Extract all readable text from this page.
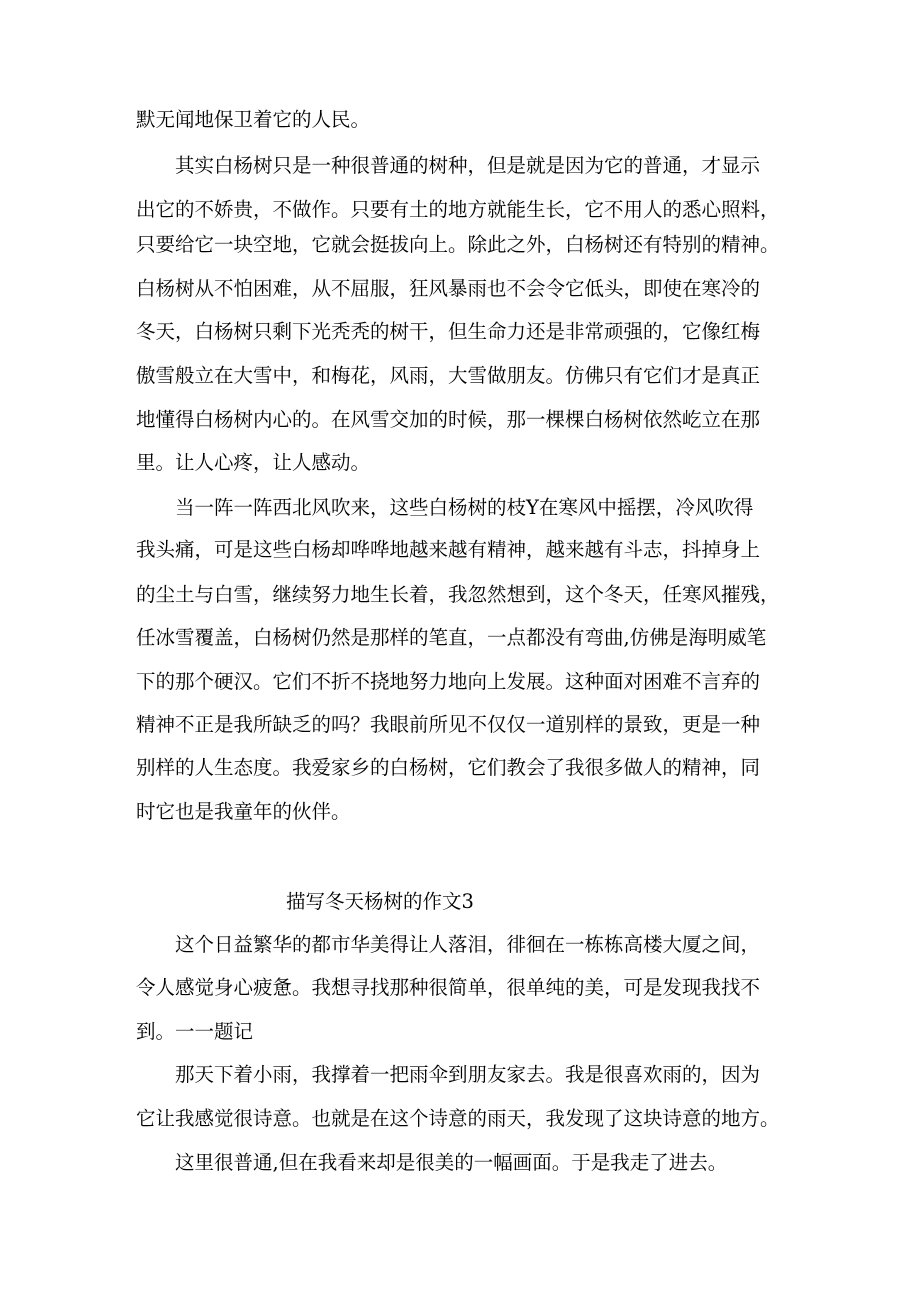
默无闻地保卫着它的人民。
其实白杨树只是一种很普通的树种，但是就是因为它的普通，才显示
出它的不娇贵，不做作。只要有土的地方就能生长，它不用人的悉心照料，
只要给它一块空地，它就会挺拔向上。除此之外，白杨树还有特别的精神。
白杨树从不怕困难，从不屈服，狂风暴雨也不会令它低头，即使在寒冷的
冬天，白杨树只剩下光秃秃的树干，但生命力还是非常顽强的，它像红梅
傲雪般立在大雪中，和梅花，风雨，大雪做朋友。仿佛只有它们才是真正
地懂得白杨树内心的。在风雪交加的时候，那一棵棵白杨树依然屹立在那
里。让人心疼，让人感动。
当一阵一阵西北风吹来，这些白杨树的枝Y在寒风中摇摆，冷风吹得
我头痛，可是这些白杨却哗哗地越来越有精神，越来越有斗志，抖掉身上
的尘土与白雪，继续努力地生长着，我忽然想到，这个冬天，任寒风摧残，
任冰雪覆盖，白杨树仍然是那样的笔直，一点都没有弯曲,仿佛是海明威笔
下的那个硬汉。它们不折不挠地努力地向上发展。这种面对困难不言弃的
精神不正是我所缺乏的吗？我眼前所见不仅仅一道别样的景致，更是一种
别样的人生态度。我爱家乡的白杨树，它们教会了我很多做人的精神，同
时它也是我童年的伙伴。
描写冬天杨树的作文3
这个日益繁华的都市华美得让人落泪，徘徊在一栋栋高楼大厦之间，
令人感觉身心疲惫。我想寻找那种很简单，很单纯的美，可是发现我找不
到。一一题记
那天下着小雨，我撑着一把雨伞到朋友家去。我是很喜欢雨的，因为
它让我感觉很诗意。也就是在这个诗意的雨天，我发现了这块诗意的地方。
这里很普通,但在我看来却是很美的一幅画面。于是我走了进去。
